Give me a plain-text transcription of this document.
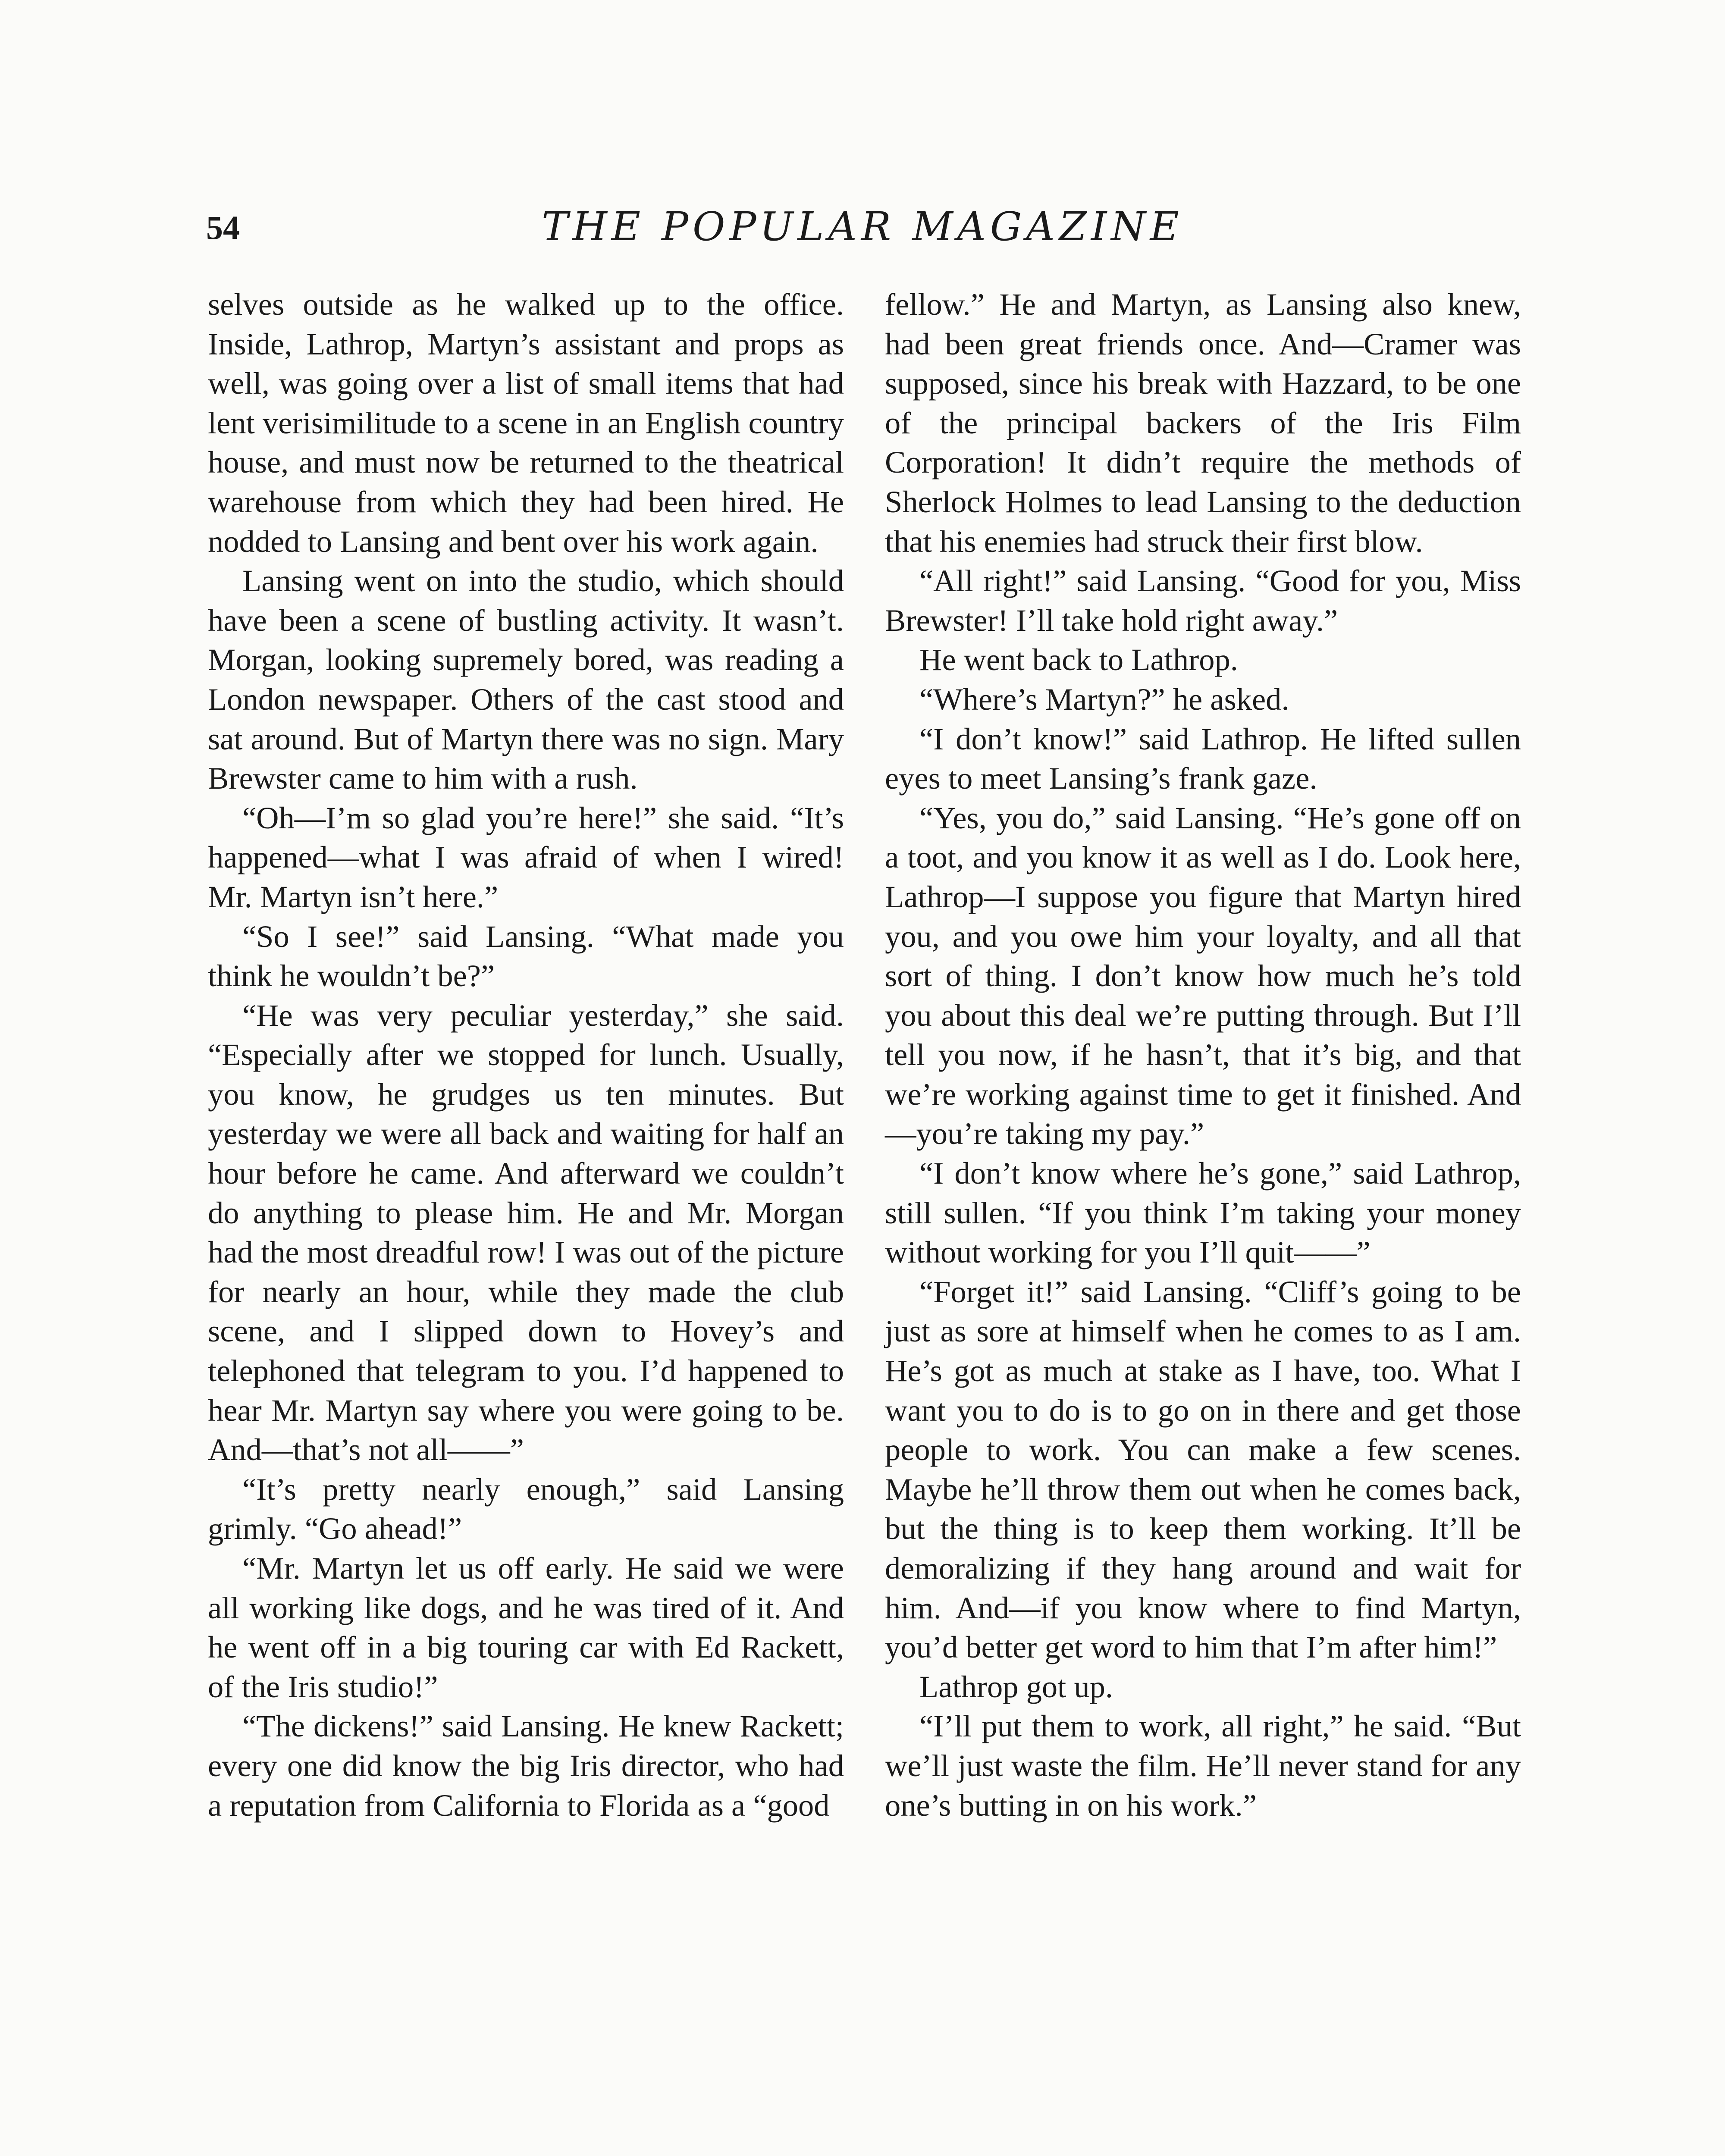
54	THE POPULAR MAGAZINE

selves outside as he walked up to the office. Inside, Lathrop, Martyn’s assistant and props as well, was going over a list of small items that had lent verisimilitude to a scene in an English country house, and must now be returned to the theatrical warehouse from which they had been hired. He nodded to Lansing and bent over his work again.

Lansing went on into the studio, which should have been a scene of bustling activity. It wasn’t. Morgan, looking supremely bored, was reading a London newspaper. Others of the cast stood and sat around. But of Martyn there was no sign. Mary Brewster came to him with a rush.

“Oh—I’m so glad you’re here!” she said. “It’s happened—what I was afraid of when I wired! Mr. Martyn isn’t here.”

“So I see!” said Lansing. “What made you think he wouldn’t be?”

“He was very peculiar yesterday,” she said. “Especially after we stopped for lunch. Usually, you know, he grudges us ten minutes. But yesterday we were all back and waiting for half an hour before he came. And afterward we couldn’t do anything to please him. He and Mr. Morgan had the most dreadful row! I was out of the picture for nearly an hour, while they made the club scene, and I slipped down to Hovey’s and telephoned that telegram to you. I’d happened to hear Mr. Martyn say where you were going to be. And—that’s not all——”

“It’s pretty nearly enough,” said Lansing grimly. “Go ahead!”

“Mr. Martyn let us off early. He said we were all working like dogs, and he was tired of it. And he went off in a big touring car with Ed Rackett, of the Iris studio!”

“The dickens!” said Lansing. He knew Rackett; every one did know the big Iris director, who had a reputation from California to Florida as a “good

fellow.” He and Martyn, as Lansing also knew, had been great friends once. And—Cramer was supposed, since his break with Hazzard, to be one of the principal backers of the Iris Film Corporation! It didn’t require the methods of Sherlock Holmes to lead Lansing to the deduction that his enemies had struck their first blow.

“All right!” said Lansing. “Good for you, Miss Brewster! I’ll take hold right away.”

He went back to Lathrop.

“Where’s Martyn?” he asked.

“I don’t know!” said Lathrop. He lifted sullen eyes to meet Lansing’s frank gaze.

“Yes, you do,” said Lansing. “He’s gone off on a toot, and you know it as well as I do. Look here, Lathrop—I suppose you figure that Martyn hired you, and you owe him your loyalty, and all that sort of thing. I don’t know how much he’s told you about this deal we’re putting through. But I’ll tell you now, if he hasn’t, that it’s big, and that we’re working against time to get it finished. And—you’re taking my pay.”

“I don’t know where he’s gone,” said Lathrop, still sullen. “If you think I’m taking your money without working for you I’ll quit——”

“Forget it!” said Lansing. “Cliff’s going to be just as sore at himself when he comes to as I am. He’s got as much at stake as I have, too. What I want you to do is to go on in there and get those people to work. You can make a few scenes. Maybe he’ll throw them out when he comes back, but the thing is to keep them working. It’ll be demoralizing if they hang around and wait for him. And—if you know where to find Martyn, you’d better get word to him that I’m after him!”

Lathrop got up.

“I’ll put them to work, all right,” he said. “But we’ll just waste the film. He’ll never stand for any one’s butting in on his work.”
